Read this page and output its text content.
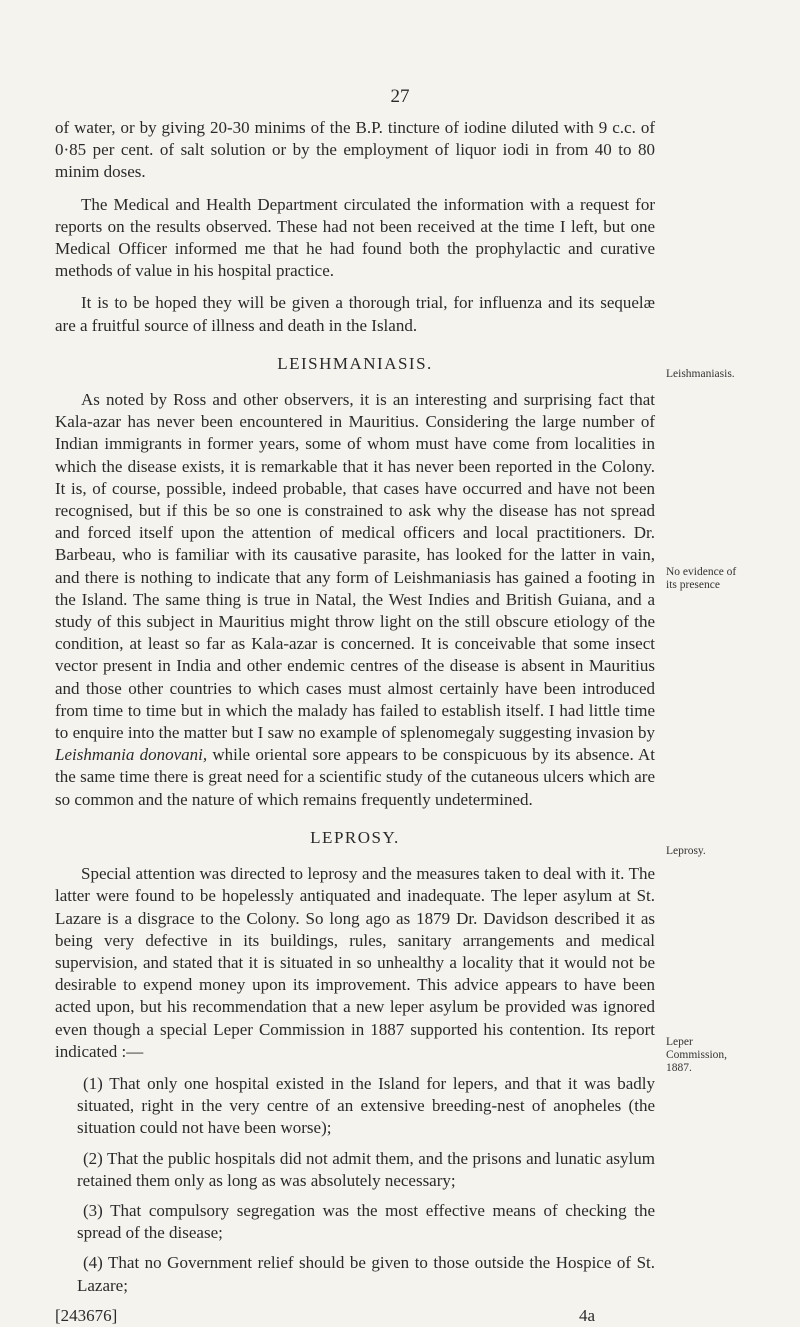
27

of water, or by giving 20-30 minims of the B.P. tincture of iodine diluted with 9 c.c. of 0·85 per cent. of salt solution or by the employment of liquor iodi in from 40 to 80 minim doses.

The Medical and Health Department circulated the information with a request for reports on the results observed. These had not been received at the time I left, but one Medical Officer informed me that he had found both the prophylactic and curative methods of value in his hospital practice.

It is to be hoped they will be given a thorough trial, for influenza and its sequelæ are a fruitful source of illness and death in the Island.

LEISHMANIASIS.

As noted by Ross and other observers, it is an interesting and surprising fact that Kala-azar has never been encountered in Mauritius. Considering the large number of Indian immigrants in former years, some of whom must have come from localities in which the disease exists, it is remarkable that it has never been reported in the Colony. It is, of course, possible, indeed probable, that cases have occurred and have not been recognised, but if this be so one is constrained to ask why the disease has not spread and forced itself upon the attention of medical officers and local practitioners. Dr. Barbeau, who is familiar with its causative parasite, has looked for the latter in vain, and there is nothing to indicate that any form of Leishmaniasis has gained a footing in the Island. The same thing is true in Natal, the West Indies and British Guiana, and a study of this subject in Mauritius might throw light on the still obscure etiology of the condition, at least so far as Kala-azar is concerned. It is conceivable that some insect vector present in India and other endemic centres of the disease is absent in Mauritius and those other countries to which cases must almost certainly have been introduced from time to time but in which the malady has failed to establish itself. I had little time to enquire into the matter but I saw no example of splenomegaly suggesting invasion by Leishmania donovani, while oriental sore appears to be conspicuous by its absence. At the same time there is great need for a scientific study of the cutaneous ulcers which are so common and the nature of which remains frequently undetermined.

LEPROSY.

Special attention was directed to leprosy and the measures taken to deal with it. The latter were found to be hopelessly antiquated and inadequate. The leper asylum at St. Lazare is a disgrace to the Colony. So long ago as 1879 Dr. Davidson described it as being very defective in its buildings, rules, sanitary arrangements and medical supervision, and stated that it is situated in so unhealthy a locality that it would not be desirable to expend money upon its improvement. This advice appears to have been acted upon, but his recommendation that a new leper asylum be provided was ignored even though a special Leper Commission in 1887 supported his contention. Its report indicated :—

(1) That only one hospital existed in the Island for lepers, and that it was badly situated, right in the very centre of an extensive breeding-nest of anopheles (the situation could not have been worse);
(2) That the public hospitals did not admit them, and the prisons and lunatic asylum retained them only as long as was absolutely necessary;
(3) That compulsory segregation was the most effective means of checking the spread of the disease;
(4) That no Government relief should be given to those outside the Hospice of St. Lazare;
[243676]	4a
Leishmaniasis.
No evidence of its presence
Leprosy.
Leper Commission, 1887.
